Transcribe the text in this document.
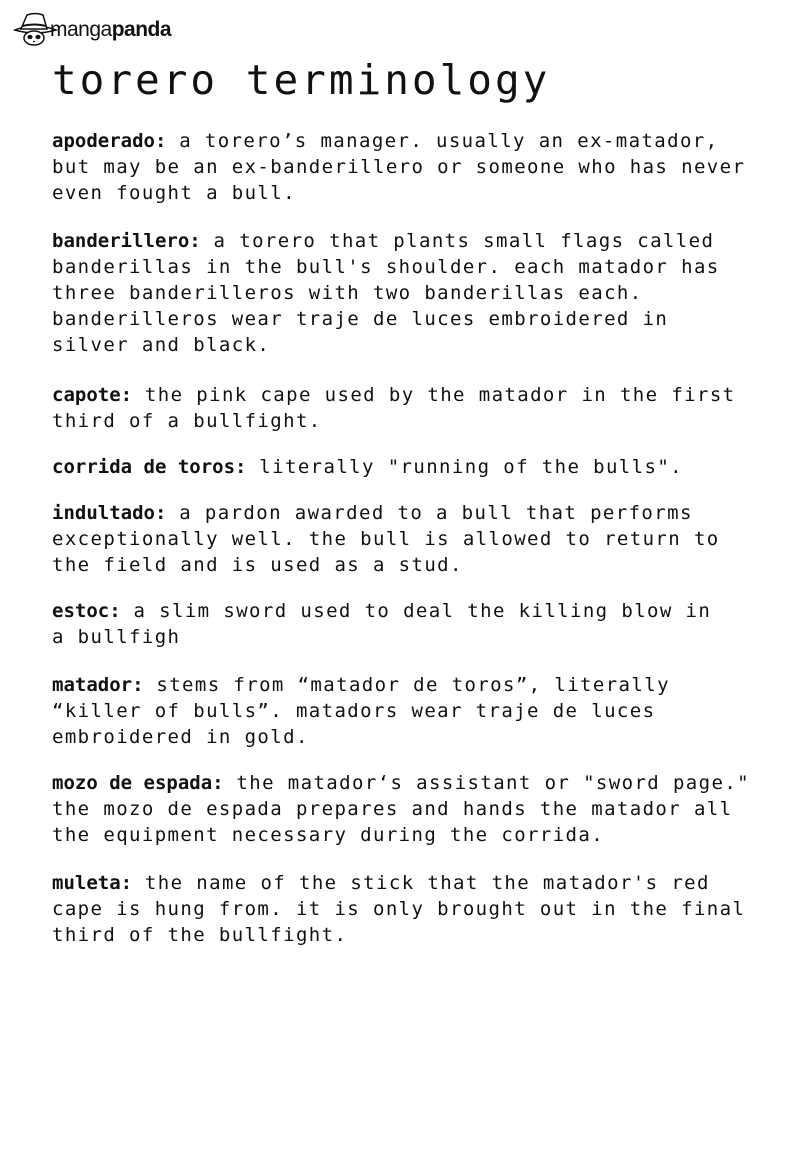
mangapanda
torero terminology

apoderado: a torero’s manager. usually an ex-matador,
but may be an ex-banderillero or someone who has never
even fought a bull.

banderillero: a torero that plants small flags called
banderillas in the bull's shoulder. each matador has
three banderilleros with two banderillas each.
banderilleros wear traje de luces embroidered in
silver and black.

capote: the pink cape used by the matador in the first
third of a bullfight.

corrida de toros: literally "running of the bulls".

indultado: a pardon awarded to a bull that performs
exceptionally well. the bull is allowed to return to
the field and is used as a stud.

estoc: a slim sword used to deal the killing blow in
a bullfigh

matador: stems from “matador de toros”, literally
“killer of bulls”. matadors wear traje de luces
embroidered in gold.

mozo de espada: the matador‘s assistant or "sword page."
the mozo de espada prepares and hands the matador all
the equipment necessary during the corrida.

muleta: the name of the stick that the matador's red
cape is hung from. it is only brought out in the final
third of the bullfight.
